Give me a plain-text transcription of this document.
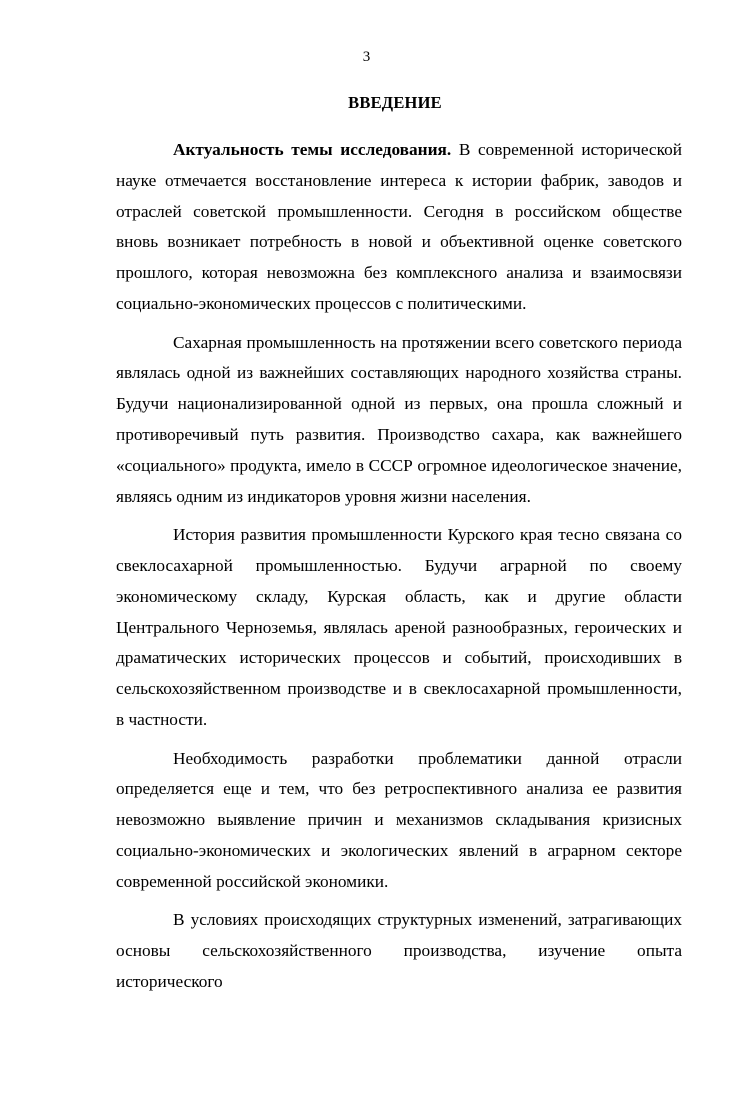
3
ВВЕДЕНИЕ

Актуальность темы исследования. В современной исторической науке отмечается восстановление интереса к истории фабрик, заводов и отраслей советской промышленности. Сегодня в российском обществе вновь возникает потребность в новой и объективной оценке советского прошлого, которая невозможна без комплексного анализа и взаимосвязи социально-экономических процессов с политическими.

Сахарная промышленность на протяжении всего советского периода являлась одной из важнейших составляющих народного хозяйства страны. Будучи национализированной одной из первых, она прошла сложный и противоречивый путь развития. Производство сахара, как важнейшего «социального» продукта, имело в СССР огромное идеологическое значение, являясь одним из индикаторов уровня жизни населения.

История развития промышленности Курского края тесно связана со свеклосахарной промышленностью. Будучи аграрной по своему экономическому складу, Курская область, как и другие области Центрального Черноземья, являлась ареной разнообразных, героических и драматических исторических процессов и событий, происходивших в сельскохозяйственном производстве и в свеклосахарной промышленности, в частности.

Необходимость разработки проблематики данной отрасли определяется еще и тем, что без ретроспективного анализа ее развития невозможно выявление причин и механизмов складывания кризисных социально-экономических и экологических явлений в аграрном секторе современной российской экономики.

В условиях происходящих структурных изменений, затрагивающих основы сельскохозяйственного производства, изучение опыта исторического
